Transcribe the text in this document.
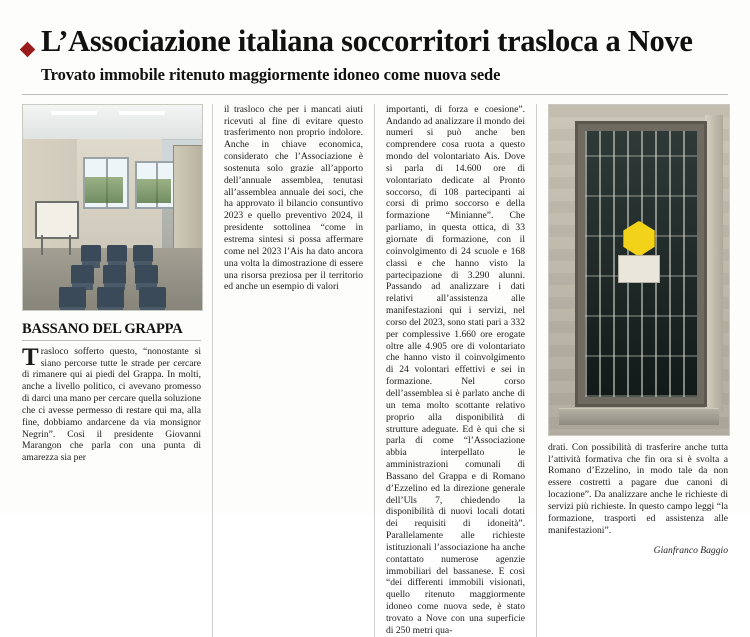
L’Associazione italiana soccorritori trasloca a Nove
Trovato immobile ritenuto maggiormente idoneo come nuova sede
BASSANO DEL GRAPPA

Trasloco sofferto questo, “nonostante si siano percorse tutte le strade per cercare di rimanere qui ai piedi del Grappa. In molti, anche a livello politico, ci avevano promesso di darci una mano per cercare quella soluzione che ci avesse permesso di restare qui ma, alla fine, dobbiamo andarcene da via monsignor Negrin”. Così il presidente Giovanni Marangon che parla con una punta di amarezza sia per

il trasloco che per i mancati aiuti ricevuti al fine di evitare questo trasferimento non proprio indolore. Anche in chiave economica, considerato che l’Associazione è sostenuta solo grazie all’apporto dell’annuale assemblea, tenutasi all’assemblea annuale dei soci, che ha approvato il bilancio consuntivo 2023 e quello preventivo 2024, il presidente sottolinea “come in estrema sintesi si possa affermare come nel 2023 l’Ais ha dato ancora una volta la dimostrazione di essere una risorsa preziosa per il territorio ed anche un esempio di valori

importanti, di forza e coesione”. Andando ad analizzare il mondo dei numeri si può anche ben comprendere cosa ruota a questo mondo del volontariato Ais. Dove si parla di 14.600 ore di volontariato dedicate al Pronto soccorso, di 108 partecipanti ai corsi di primo soccorso e della formazione “Minianne”. Che parliamo, in questa ottica, di 33 giornate di formazione, con il coinvolgimento di 24 scuole e 168 classi e che hanno visto la partecipazione di 3.290 alunni. Passando ad analizzare i dati relativi all’assistenza alle manifestazioni qui i servizi, nel corso del 2023, sono stati pari a 332 per complessive 1.660 ore erogate oltre alle 4.905 ore di volontariato che hanno visto il coinvolgimento di 24 volontari effettivi e sei in formazione. Nel corso dell’assemblea si è parlato anche di un tema molto scottante relativo proprio alla disponibilità di strutture adeguate. Ed è qui che si parla di come “l’Associazione abbia interpellato le amministrazioni comunali di Bassano del Grappa e di Romano d’Ezzelino ed la direzione generale dell’Uls 7, chiedendo la disponibilità di nuovi locali dotati dei requisiti di idoneità”. Parallelamente alle richieste istituzionali l’associazione ha anche contattato numerose agenzie immobiliari del bassanese. E così “dei differenti immobili visionati, quello ritenuto maggiormente idoneo come nuova sede, è stato trovato a Nove con una superficie di 250 metri qua-

drati. Con possibilità di trasferire anche tutta l’attività formativa che fin ora si è svolta a Romano d’Ezzelino, in modo tale da non essere costretti a pagare due canoni di locazione”. Da analizzare anche le richieste di servizi più richieste. In questo campo leggi “la formazione, trasporti ed assistenza alle manifestazioni”.

Gianfranco Baggio
